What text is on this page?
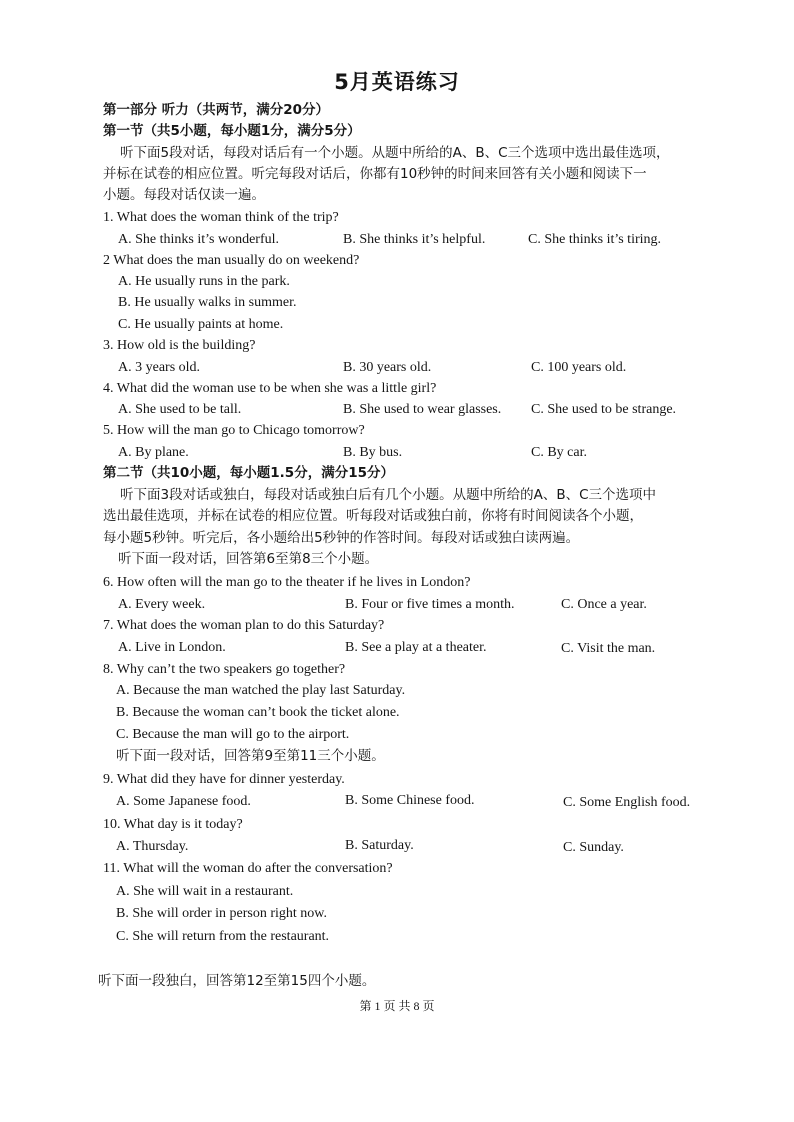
5月英语练习
第一部分 听力（共两节，满分20分）
第一节（共5小题，每小题1分，满分5分）
听下面5段对话，每段对话后有一个小题。从题中所给的A、B、C三个选项中选出最佳选项，
并标在试卷的相应位置。听完每段对话后，你都有10秒钟的时间来回答有关小题和阅读下一
小题。每段对话仅读一遍。
1. What does the woman think of the trip?
A. She thinks it’s wonderful.	B. She thinks it’s helpful.	C. She thinks it’s tiring.
2 What does the man usually do on weekend?
A. He usually runs in the park.
B. He usually walks in summer.
C. He usually paints at home.
3. How old is the building?
A. 3 years old.	B. 30 years old.	C. 100 years old.
4. What did the woman use to be when she was a little girl?
A. She used to be tall.	B. She used to wear glasses. C. She used to be strange.
5. How will the man go to Chicago tomorrow?
A. By plane.	B. By bus.	C. By car.
第二节（共10小题，每小题1.5分，满分15分）
听下面3段对话或独白，每段对话或独白后有几个小题。从题中所给的A、B、C三个选项中
选出最佳选项，并标在试卷的相应位置。听每段对话或独白前，你将有时间阅读各个小题，
每小题5秒钟。听完后，各小题给出5秒钟的作答时间。每段对话或独白读两遍。
听下面一段对话，回答第6至第8三个小题。
6. How often will the man go to the theater if he lives in London?
A. Every week.	B. Four or five times a month.	C. Once a year.
7. What does the woman plan to do this Saturday?
A. Live in London.	B. See a play at a theater.	C. Visit the man.
8. Why can’t the two speakers go together?
A. Because the man watched the play last Saturday.
B. Because the woman can’t book the ticket alone.
C. Because the man will go to the airport.
听下面一段对话，回答第9至第11三个小题。
9. What did they have for dinner yesterday.
A. Some Japanese food.	B. Some Chinese food.	C. Some English food.
10. What day is it today?
A. Thursday.	B. Saturday.	C. Sunday.
11. What will the woman do after the conversation?
A. She will wait in a restaurant.
B. She will order in person right now.
C. She will return from the restaurant.
听下面一段独白，回答第12至第15四个小题。
第 1 页 共 8 页
